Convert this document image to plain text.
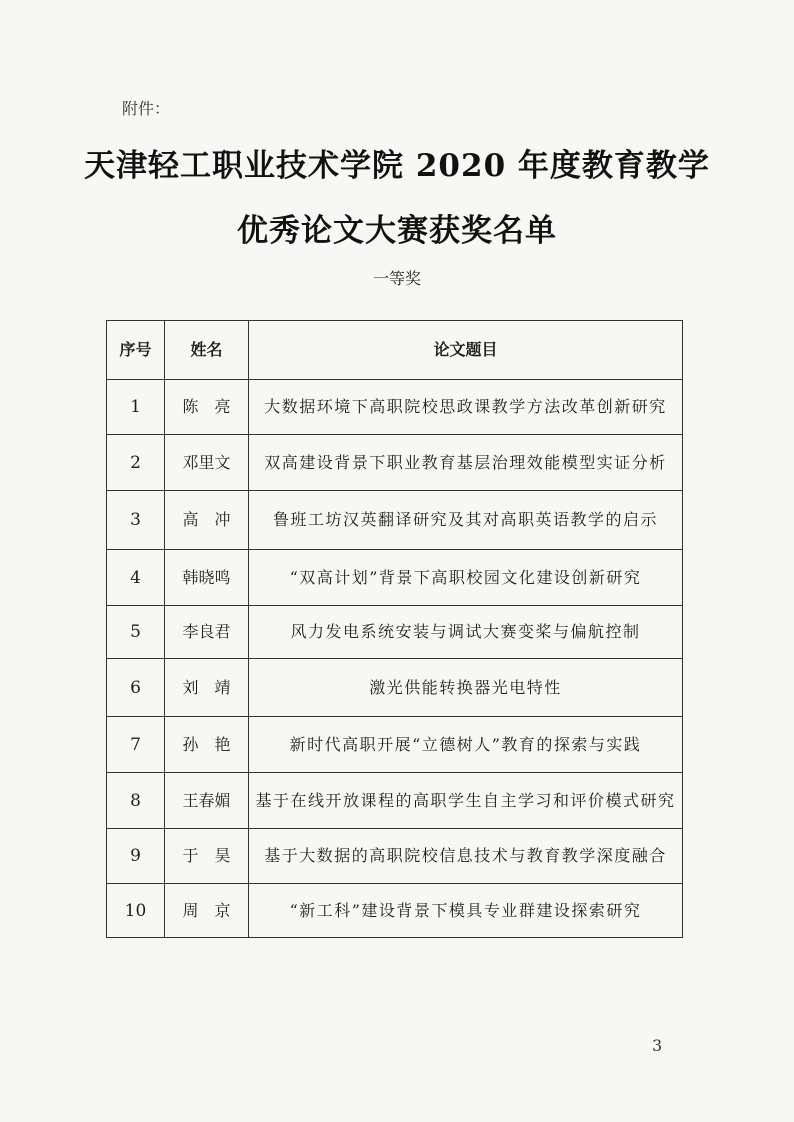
附件：
天津轻工职业技术学院 2020 年度教育教学
优秀论文大赛获奖名单
一等奖
序号	姓名	论文题目
1	陈　亮	大数据环境下高职院校思政课教学方法改革创新研究
2	邓里文	双高建设背景下职业教育基层治理效能模型实证分析
3	高　冲	鲁班工坊汉英翻译研究及其对高职英语教学的启示
4	韩晓鸣	“双高计划”背景下高职校园文化建设创新研究
5	李良君	风力发电系统安装与调试大赛变桨与偏航控制
6	刘　靖	激光供能转换器光电特性
7	孙　艳	新时代高职开展“立德树人”教育的探索与实践
8	王春媚	基于在线开放课程的高职学生自主学习和评价模式研究
9	于　昊	基于大数据的高职院校信息技术与教育教学深度融合
10	周　京	“新工科”建设背景下模具专业群建设探索研究
3
